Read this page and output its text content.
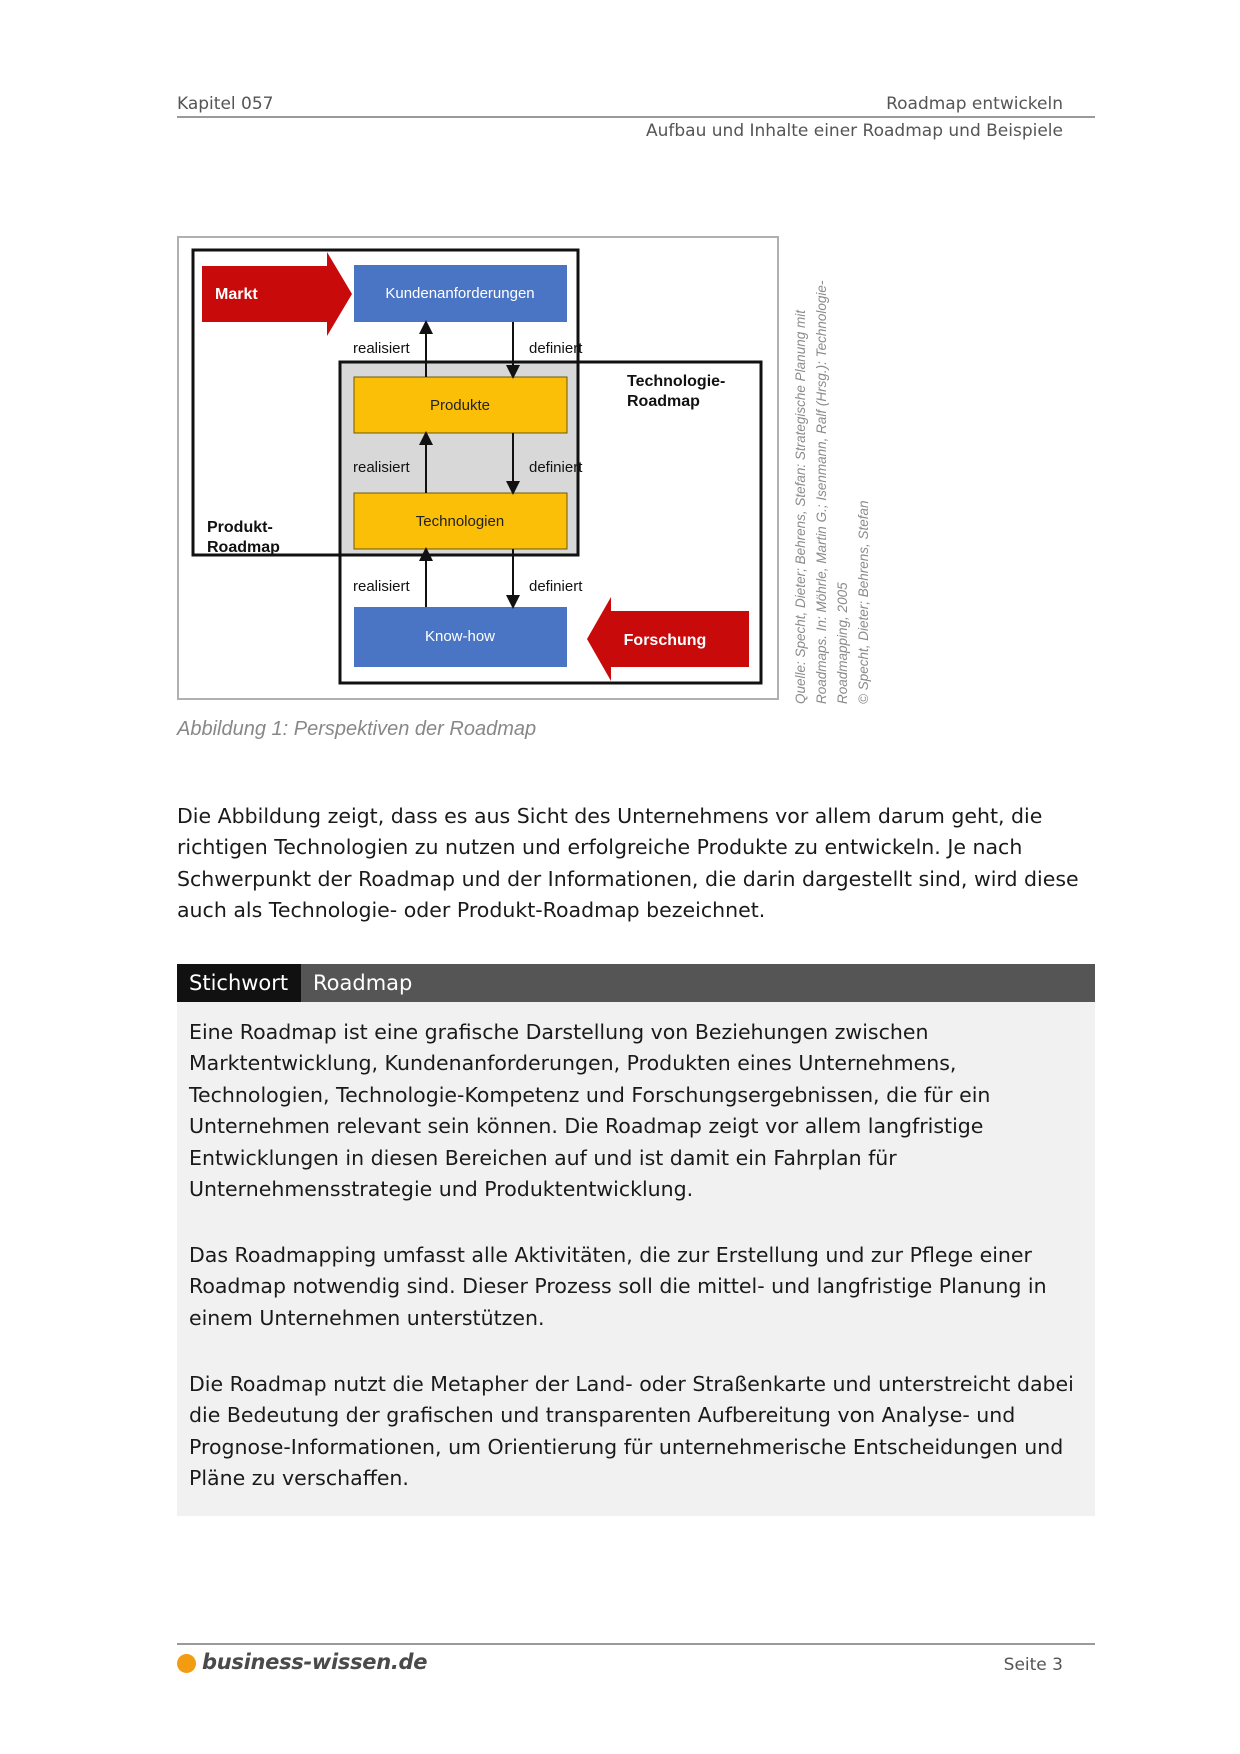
Kapitel 057	Roadmap entwickeln
Aufbau und Inhalte einer Roadmap und Beispiele
Markt	Kundenanforderungen
Produkte
Technologien
Know-how	Forschung
realisiert	definiert
realisiert	definiert
realisiert	definiert
Technologie-
Roadmap
Produkt-
Roadmap	Quelle: Specht, Dieter; Behrens, Stefan: Strategische Planung mit Roadmaps. In: Möhrle, Martin G.; Isenmann, Ralf (Hrsg.): Technologie- Roadmapping, 2005 © Specht, Dieter; Behrens, Stefan
Abbildung 1: Perspektiven der Roadmap

Die Abbildung zeigt, dass es aus Sicht des Unternehmens vor allem darum geht, die richtigen Technologien zu nutzen und erfolgreiche Produkte zu entwickeln. Je nach Schwerpunkt der Roadmap und der Informationen, die darin dargestellt sind, wird diese auch als Technologie- oder Produkt-Roadmap bezeichnet.

Stichwort	Roadmap

Eine Roadmap ist eine grafische Darstellung von Beziehungen zwischen Marktentwicklung, Kundenanforderungen, Produkten eines Unternehmens, Technologien, Technologie-Kompetenz und Forschungsergebnissen, die für ein Unternehmen relevant sein können. Die Roadmap zeigt vor allem langfristige Entwicklungen in diesen Bereichen auf und ist damit ein Fahrplan für Unternehmensstrategie und Produktentwicklung.

Das Roadmapping umfasst alle Aktivitäten, die zur Erstellung und zur Pflege einer Roadmap notwendig sind. Dieser Prozess soll die mittel- und langfristige Planung in einem Unternehmen unterstützen.

Die Roadmap nutzt die Metapher der Land- oder Straßenkarte und unterstreicht dabei die Bedeutung der grafischen und transparenten Aufbereitung von Analyse- und Prognose-Informationen, um Orientierung für unternehmerische Entscheidungen und Pläne zu verschaffen.

business-wissen.de	Seite 3
